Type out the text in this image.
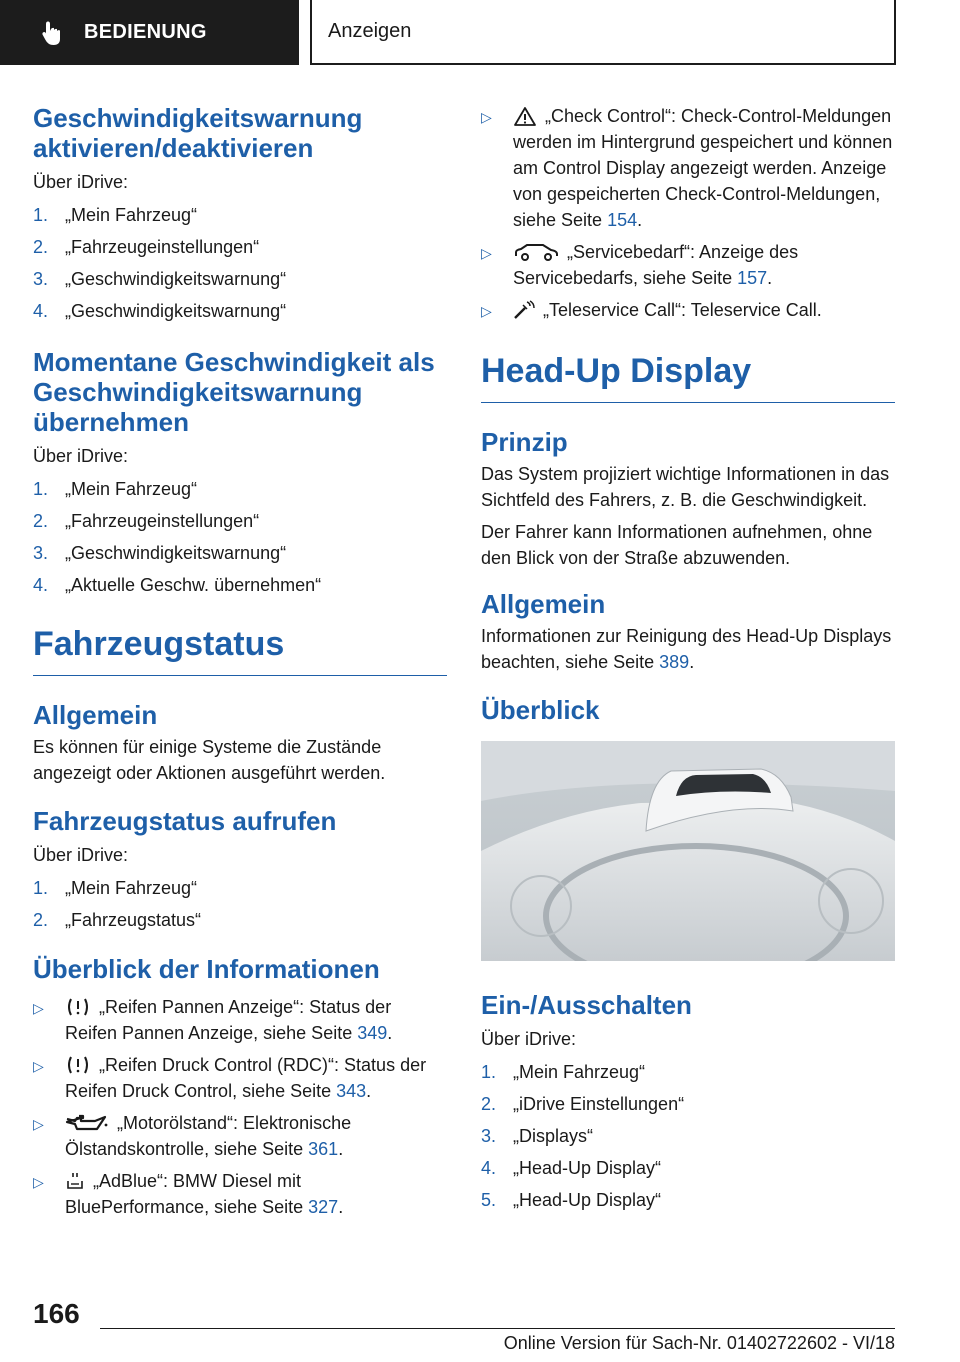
BEDIENUNG	Anzeigen
Geschwindigkeitswarnung aktivieren/deaktivieren

Über iDrive:

1. „Mein Fahrzeug“
2. „Fahrzeugeinstellungen“
3. „Geschwindigkeitswarnung“
4. „Geschwindigkeitswarnung“
Momentane Geschwindigkeit als Geschwindigkeitswarnung übernehmen

Über iDrive:

1. „Mein Fahrzeug“
2. „Fahrzeugeinstellungen“
3. „Geschwindigkeitswarnung“
4. „Aktuelle Geschw. übernehmen“
Fahrzeugstatus
Allgemein

Es können für einige Systeme die Zustände angezeigt oder Aktionen ausgeführt werden.

Fahrzeugstatus aufrufen

Über iDrive:

1. „Mein Fahrzeug“
2. „Fahrzeugstatus“
Überblick der Informationen
▷	„Reifen Pannen Anzeige“: Status der Reifen Pannen Anzeige, siehe Seite 349.
▷	„Reifen Druck Control (RDC)“: Status der Reifen Druck Control, siehe Seite 343.
▷	„Motorölstand“: Elektronische Ölstandskontrolle, siehe Seite 361.
▷	„AdBlue“: BMW Diesel mit BluePerformance, siehe Seite 327.
▷	„Check Control“: Check-Control-Meldungen werden im Hintergrund gespeichert und können am Control Display angezeigt werden. Anzeige von gespeicherten Check-Control-Meldungen, siehe Seite 154.
▷	„Servicebedarf“: Anzeige des Servicebedarfs, siehe Seite 157.
▷	„Teleservice Call“: Teleservice Call.
Head-Up Display
Prinzip

Das System projiziert wichtige Informationen in das Sichtfeld des Fahrers, z. B. die Geschwindigkeit.

Der Fahrer kann Informationen aufnehmen, ohne den Blick von der Straße abzuwenden.

Allgemein

Informationen zur Reinigung des Head-Up Displays beachten, siehe Seite 389.

Überblick
Ein-/Ausschalten

Über iDrive:

1. „Mein Fahrzeug“
2. „iDrive Einstellungen“
3. „Displays“
4. „Head-Up Display“
5. „Head-Up Display“
166
Online Version für Sach-Nr. 01402722602 - VI/18
